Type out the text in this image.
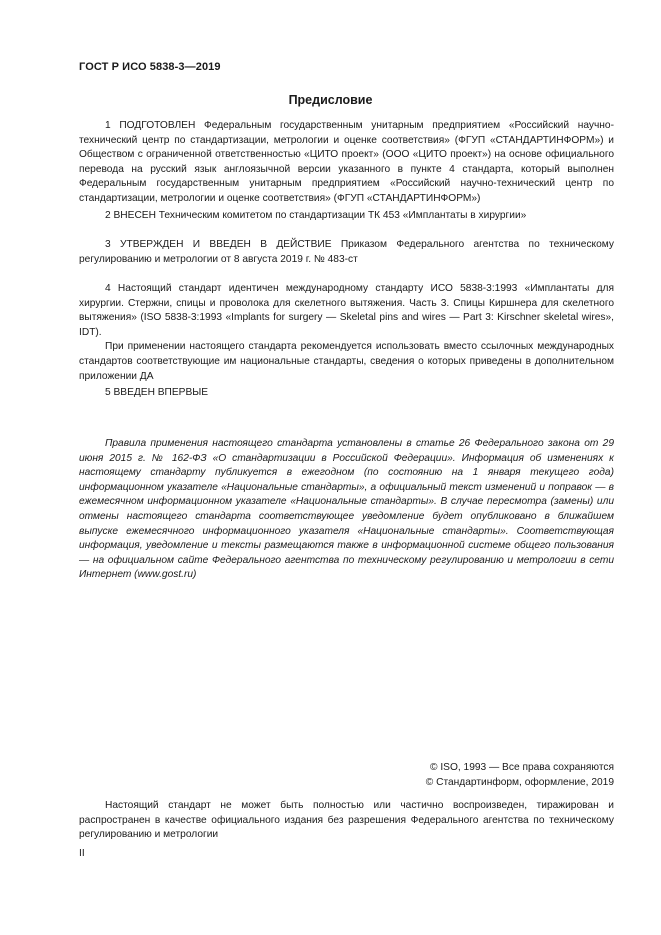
ГОСТ Р ИСО 5838-3—2019
Предисловие

1 ПОДГОТОВЛЕН Федеральным государственным унитарным предприятием «Российский научно-технический центр по стандартизации, метрологии и оценке соответствия» (ФГУП «СТАНДАРТИНФОРМ») и Обществом с ограниченной ответственностью «ЦИТО проект» (ООО «ЦИТО проект») на основе официального перевода на русский язык англоязычной версии указанного в пункте 4 стандарта, который выполнен Федеральным государственным унитарным предприятием «Российский научно-технический центр по стандартизации, метрологии и оценке соответствия» (ФГУП «СТАНДАРТИНФОРМ»)

2 ВНЕСЕН Техническим комитетом по стандартизации ТК 453 «Имплантаты в хирургии»

3 УТВЕРЖДЕН И ВВЕДЕН В ДЕЙСТВИЕ Приказом Федерального агентства по техническому регулированию и метрологии от 8 августа 2019 г. № 483-ст

4 Настоящий стандарт идентичен международному стандарту ИСО 5838-3:1993 «Имплантаты для хирургии. Стержни, спицы и проволока для скелетного вытяжения. Часть 3. Спицы Киршнера для скелетного вытяжения» (ISO 5838-3:1993 «Implants for surgery — Skeletal pins and wires — Part 3: Kirschner skeletal wires», IDT).

При применении настоящего стандарта рекомендуется использовать вместо ссылочных международных стандартов соответствующие им национальные стандарты, сведения о которых приведены в дополнительном приложении ДА

5 ВВЕДЕН ВПЕРВЫЕ

Правила применения настоящего стандарта установлены в статье 26 Федерального закона от 29 июня 2015 г. № 162-ФЗ «О стандартизации в Российской Федерации». Информация об изменениях к настоящему стандарту публикуется в ежегодном (по состоянию на 1 января текущего года) информационном указателе «Национальные стандарты», а официальный текст изменений и поправок — в ежемесячном информационном указателе «Национальные стандарты». В случае пересмотра (замены) или отмены настоящего стандарта соответствующее уведомление будет опубликовано в ближайшем выпуске ежемесячного информационного указателя «Национальные стандарты». Соответствующая информация, уведомление и тексты размещаются также в информационной системе общего пользования — на официальном сайте Федерального агентства по техническому регулированию и метрологии в сети Интернет (www.gost.ru)

© ISO, 1993 — Все права сохраняются
© Стандартинформ, оформление, 2019

Настоящий стандарт не может быть полностью или частично воспроизведен, тиражирован и распространен в качестве официального издания без разрешения Федерального агентства по техническому регулированию и метрологии

II
